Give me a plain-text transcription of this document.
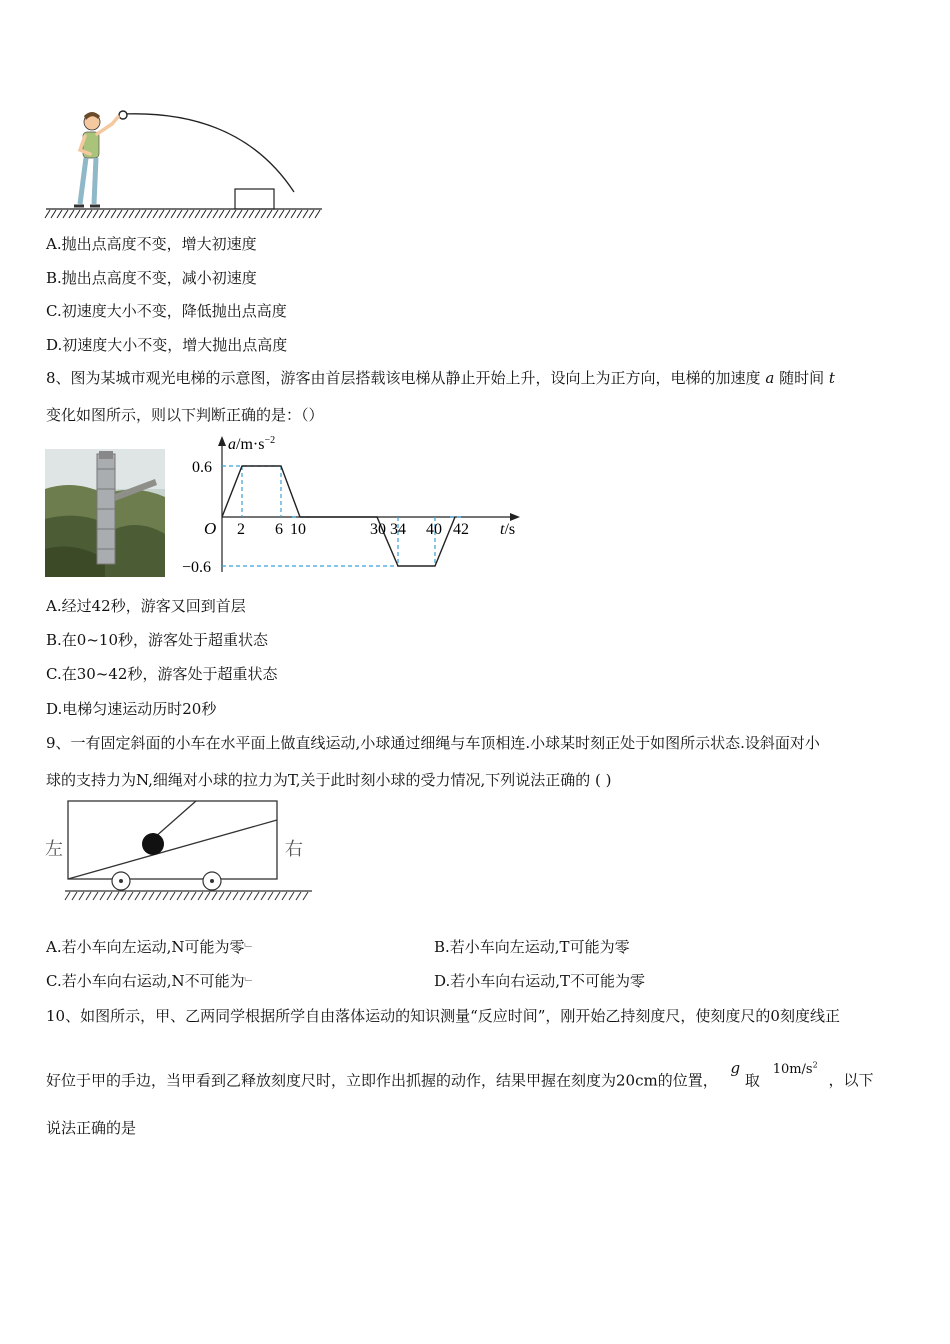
A.抛出点高度不变，增大初速度
B.抛出点高度不变，减小初速度
C.初速度大小不变，降低抛出点高度
D.初速度大小不变，增大抛出点高度
8、图为某城市观光电梯的示意图，游客由首层搭载该电梯从静止开始上升，设向上为正方向，电梯的加速度 a 随时间 t
变化如图所示，则以下判断正确的是：（）
$a/m\cdot s^{-2}$
0.6
−0.6
O 2 6 10	30 34 40 42 t/s
A.经过42秒，游客又回到首层
B.在0~10秒，游客处于超重状态
C.在30~42秒，游客处于超重状态
D.电梯匀速运动历时20秒
9、一有固定斜面的小车在水平面上做直线运动,小球通过细绳与车顶相连.小球某时刻正处于如图所示状态.设斜面对小
球的支持力为N,细绳对小球的拉力为T,关于此时刻小球的受力情况,下列说法正确的 ( )
左	右
A.若小车向左运动,N可能为零﹂	B.若小车向左运动,T可能为零
C.若小车向右运动,N不可能为﹂	D.若小车向右运动,T不可能为零
10、如图所示，甲、乙两同学根据所学自由落体运动的知识测量“反应时间”，刚开始乙持刻度尺，使刻度尺的0刻度线正
好位于甲的手边，当甲看到乙释放刻度尺时，立即作出抓握的动作，结果甲握在刻度为20cm的位置， g 取 $10m/s^2$ ，以下
说法正确的是
